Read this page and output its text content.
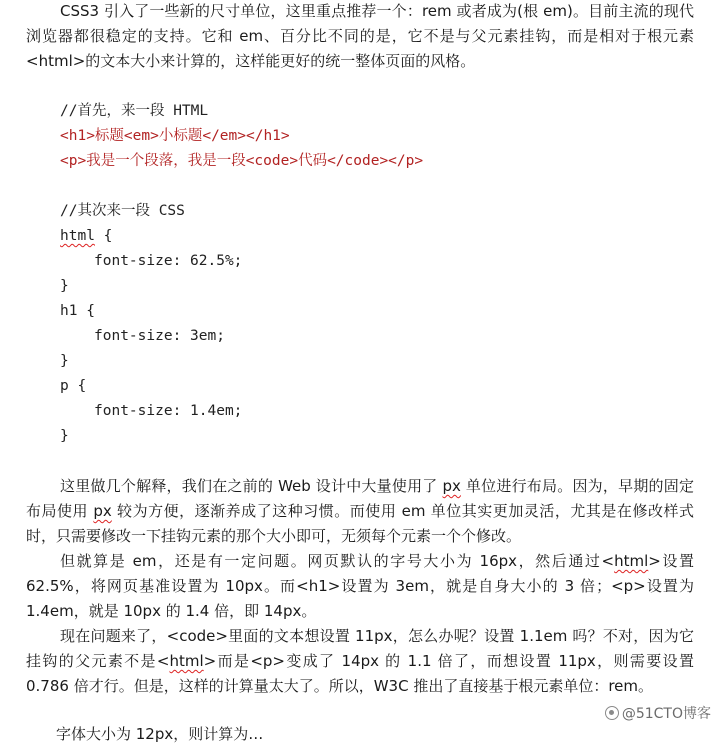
CSS3 引入了一些新的尺寸单位，这里重点推荐一个：rem 或者成为(根 em)。目前主流的现代浏览器都很稳定的支持。它和 em、百分比不同的是，它不是与父元素挂钩，而是相对于根元素<html>的文本大小来计算的，这样能更好的统一整体页面的风格。

//首先，来一段 HTML
<h1>标题<em>小标题</em></h1>
<p>我是一个段落，我是一段<code>代码</code></p>
//其次来一段 CSS
html {
font-size: 62.5%;
}
h1 {
font-size: 3em;
}
p {
font-size: 1.4em;
}

这里做几个解释，我们在之前的 Web 设计中大量使用了 px 单位进行布局。因为，早期的固定布局使用 px 较为方便，逐渐养成了这种习惯。而使用 em 单位其实更加灵活，尤其是在修改样式时，只需要修改一下挂钩元素的那个大小即可，无须每个元素一个个修改。

但就算是 em，还是有一定问题。网页默认的字号大小为 16px，然后通过<html>设置 62.5%，将网页基准设置为 10px。而<h1>设置为 3em，就是自身大小的 3 倍；<p>设置为 1.4em，就是 10px 的 1.4 倍，即 14px。

现在问题来了，<code>里面的文本想设置 11px，怎么办呢？设置 1.1em 吗？不对，因为它挂钩的父元素不是<html>而是<p>变成了 14px 的 1.1 倍了，而想设置 11px，则需要设置 0.786 倍才行。但是，这样的计算量太大了。所以，W3C 推出了直接基于根元素单位：rem。

字体大小为 12px，则计算为…
@51CTO博客
